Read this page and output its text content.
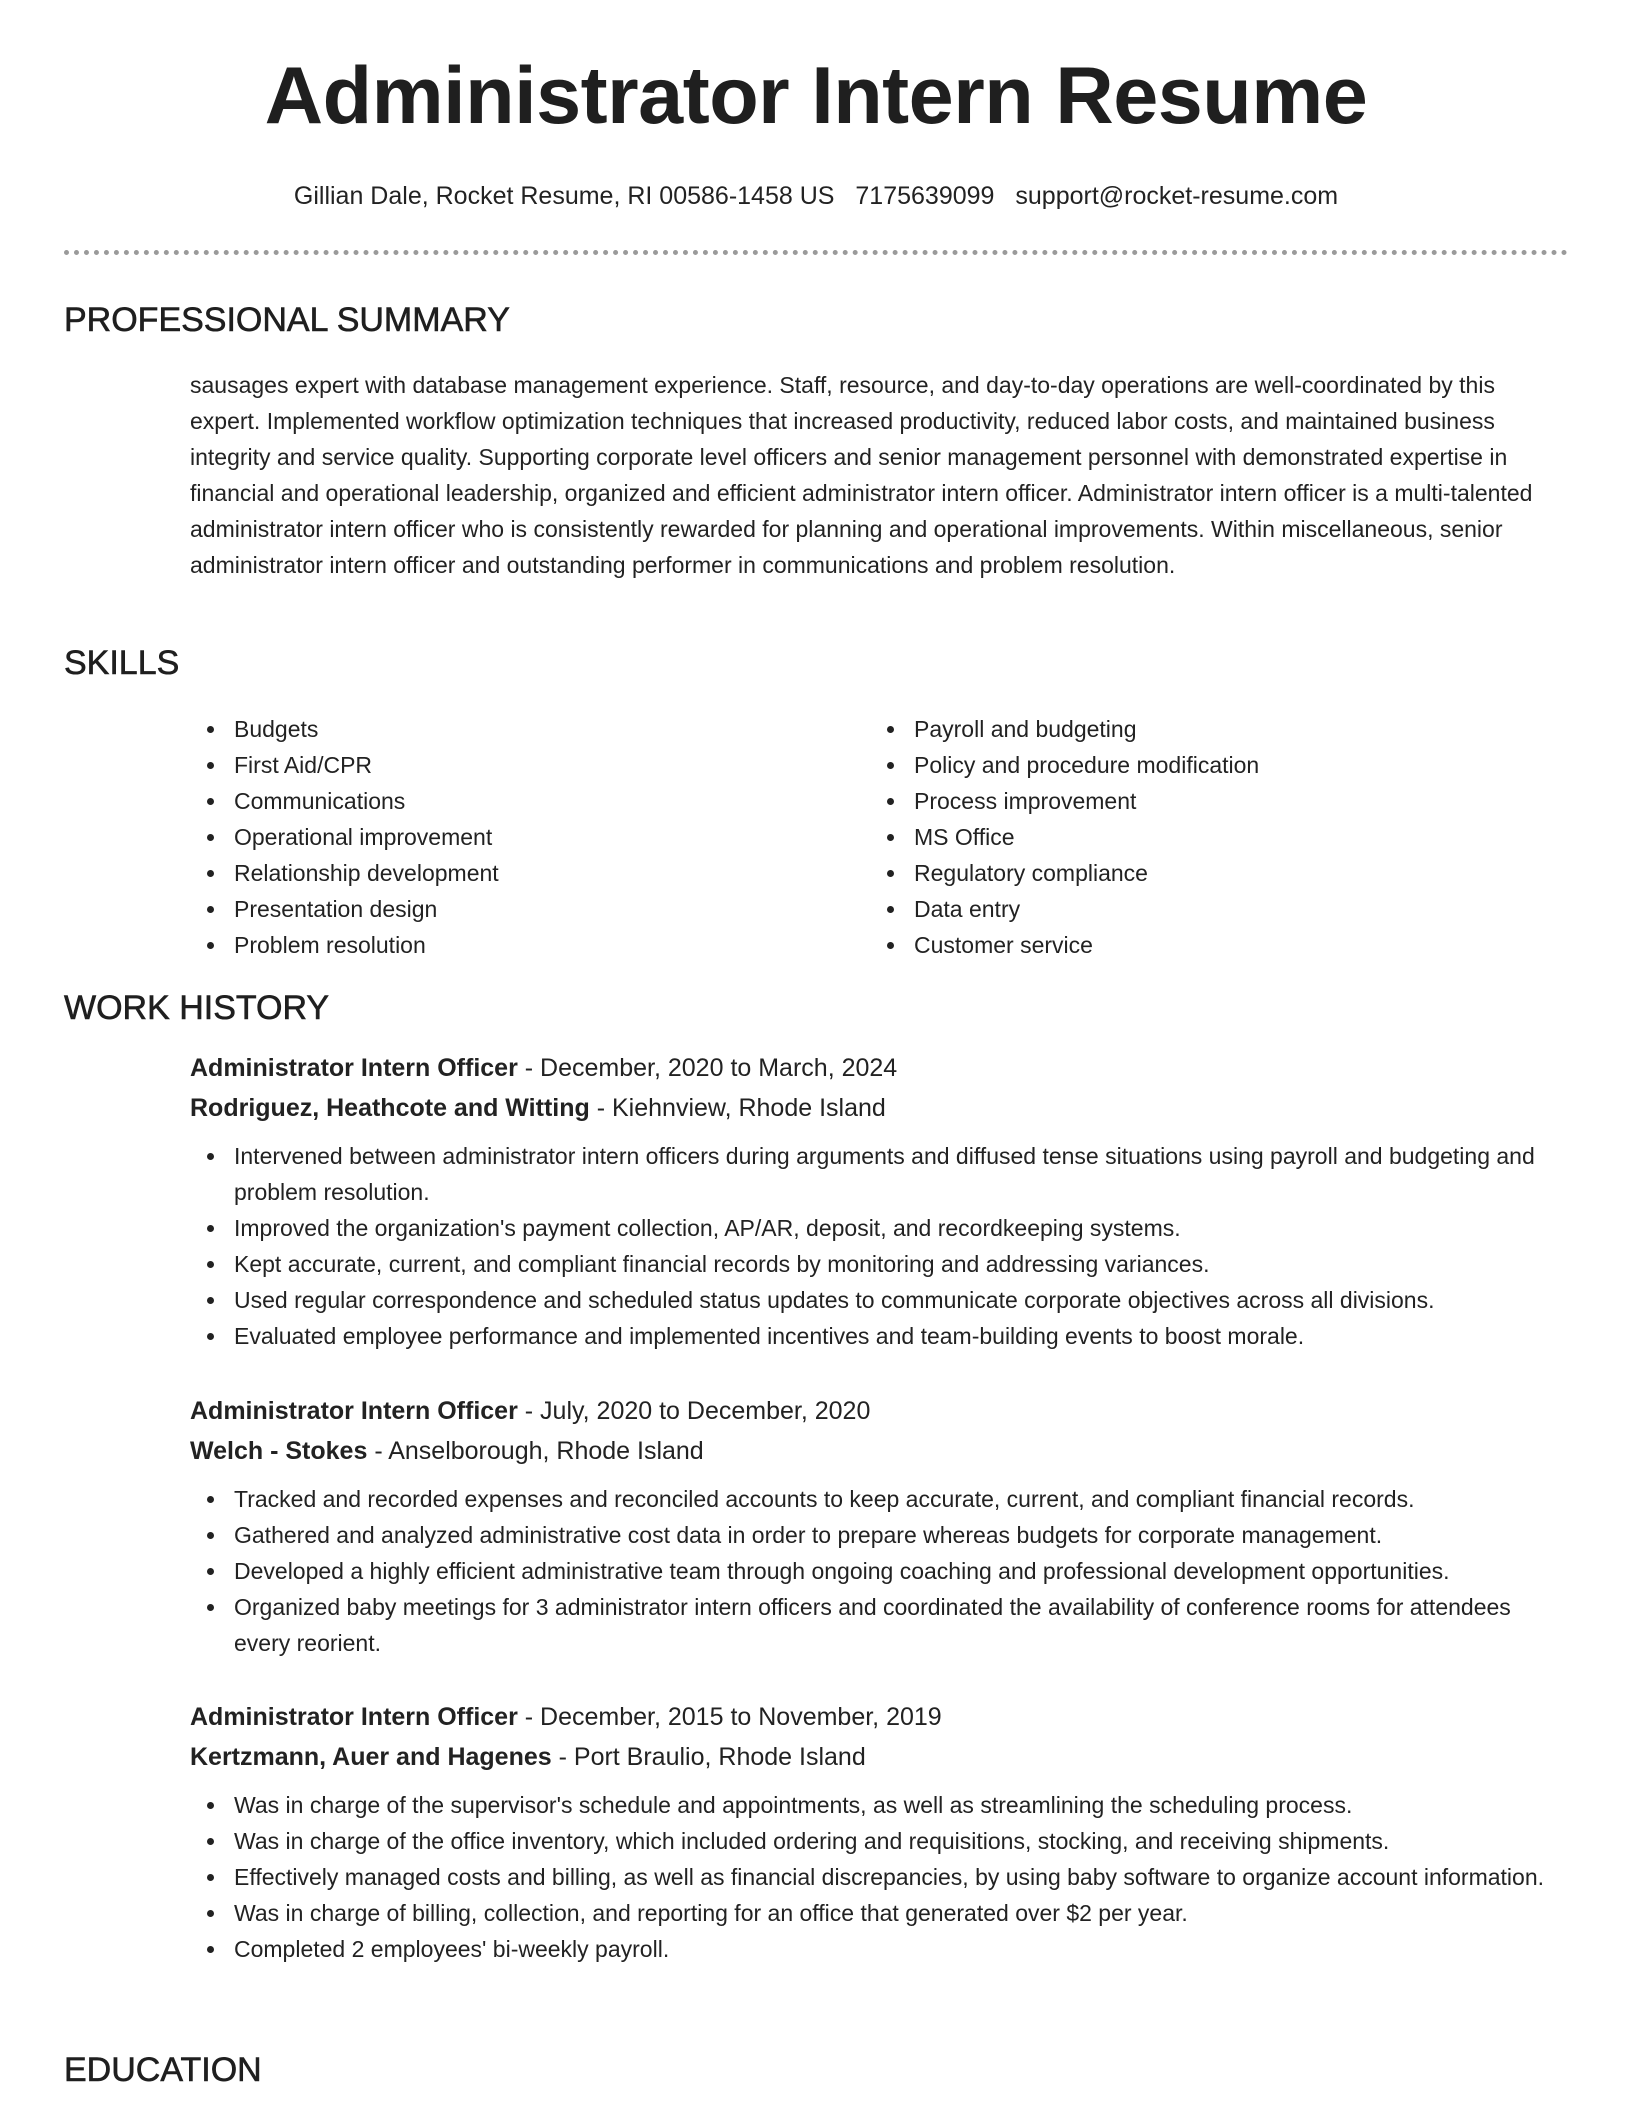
Administrator Intern Resume
Gillian Dale, Rocket Resume, RI 00586-1458 US 7175639099 support@rocket-resume.com
PROFESSIONAL SUMMARY

sausages expert with database management experience. Staff, resource, and day-to-day operations are well-coordinated by this expert. Implemented workflow optimization techniques that increased productivity, reduced labor costs, and maintained business integrity and service quality. Supporting corporate level officers and senior management personnel with demonstrated expertise in financial and operational leadership, organized and efficient administrator intern officer. Administrator intern officer is a multi-talented administrator intern officer who is consistently rewarded for planning and operational improvements. Within miscellaneous, senior administrator intern officer and outstanding performer in communications and problem resolution.

SKILLS
Budgets
First Aid/CPR
Communications
Operational improvement
Relationship development
Presentation design
Problem resolution
Payroll and budgeting
Policy and procedure modification
Process improvement
MS Office
Regulatory compliance
Data entry
Customer service
WORK HISTORY
Administrator Intern Officer - December, 2020 to March, 2024
Rodriguez, Heathcote and Witting - Kiehnview, Rhode Island
Intervened between administrator intern officers during arguments and diffused tense situations using payroll and budgeting and problem resolution.
Improved the organization's payment collection, AP/AR, deposit, and recordkeeping systems.
Kept accurate, current, and compliant financial records by monitoring and addressing variances.
Used regular correspondence and scheduled status updates to communicate corporate objectives across all divisions.
Evaluated employee performance and implemented incentives and team-building events to boost morale.
Administrator Intern Officer - July, 2020 to December, 2020
Welch - Stokes - Anselborough, Rhode Island
Tracked and recorded expenses and reconciled accounts to keep accurate, current, and compliant financial records.
Gathered and analyzed administrative cost data in order to prepare whereas budgets for corporate management.
Developed a highly efficient administrative team through ongoing coaching and professional development opportunities.
Organized baby meetings for 3 administrator intern officers and coordinated the availability of conference rooms for attendees every reorient.
Administrator Intern Officer - December, 2015 to November, 2019
Kertzmann, Auer and Hagenes - Port Braulio, Rhode Island
Was in charge of the supervisor's schedule and appointments, as well as streamlining the scheduling process.
Was in charge of the office inventory, which included ordering and requisitions, stocking, and receiving shipments.
Effectively managed costs and billing, as well as financial discrepancies, by using baby software to organize account information.
Was in charge of billing, collection, and reporting for an office that generated over $2 per year.
Completed 2 employees' bi-weekly payroll.
EDUCATION
